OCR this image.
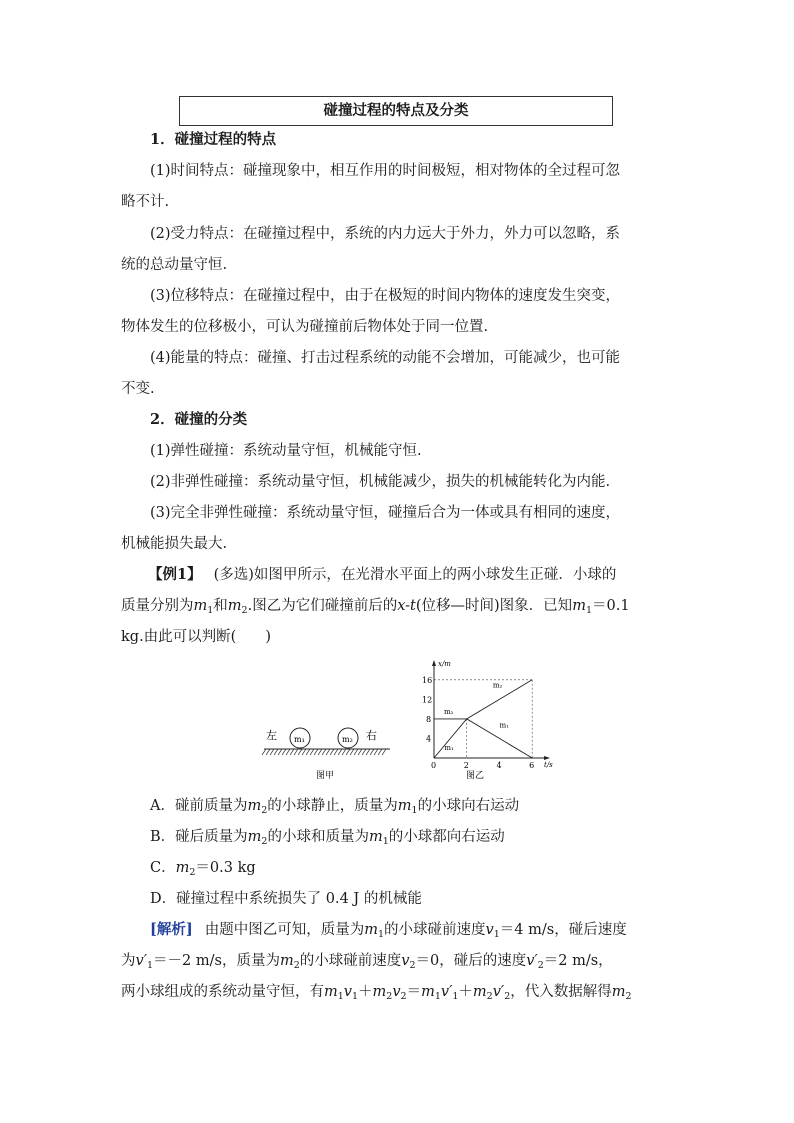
碰撞过程的特点及分类
1．碰撞过程的特点
(1)时间特点：碰撞现象中，相互作用的时间极短，相对物体的全过程可忽
略不计.
(2)受力特点：在碰撞过程中，系统的内力远大于外力，外力可以忽略，系
统的总动量守恒.
(3)位移特点：在碰撞过程中，由于在极短的时间内物体的速度发生突变，
物体发生的位移极小，可认为碰撞前后物体处于同一位置.
(4)能量的特点：碰撞、打击过程系统的动能不会增加，可能减少，也可能
不变.
2．碰撞的分类
(1)弹性碰撞：系统动量守恒，机械能守恒.
(2)非弹性碰撞：系统动量守恒，机械能减少，损失的机械能转化为内能.
(3)完全非弹性碰撞：系统动量守恒，碰撞后合为一体或具有相同的速度，
机械能损失最大.
【例1】 (多选)如图甲所示，在光滑水平面上的两小球发生正碰．小球的
质量分别为$m_1$和$m_2$.图乙为它们碰撞前后的x-t(位移—时间)图象．已知$m_1=0.1$
kg.由此可以判断(　　)
左 m₁	m₂ 右
图甲
t/s
x/m
0	2	4	6
4
8
12
16
m₁
m₂
m₂
m₁
图乙
A．碰前质量为$m_2$的小球静止，质量为$m_1$的小球向右运动
B．碰后质量为$m_2$的小球和质量为$m_1$的小球都向右运动
C．$m_2=0.3$ kg
D．碰撞过程中系统损失了 0.4 J 的机械能
[解析] 由题中图乙可知，质量为$m_1$的小球碰前速度$v_1=4$ m/s，碰后速度
为$v'_1=-2$ m/s，质量为$m_2$的小球碰前速度$v_2=0$，碰后的速度$v'_2=2$ m/s，
两小球组成的系统动量守恒，有$m_1v_1+m_2v_2=m_1v'_1+m_2v'_2$，代入数据解得$m_2$
